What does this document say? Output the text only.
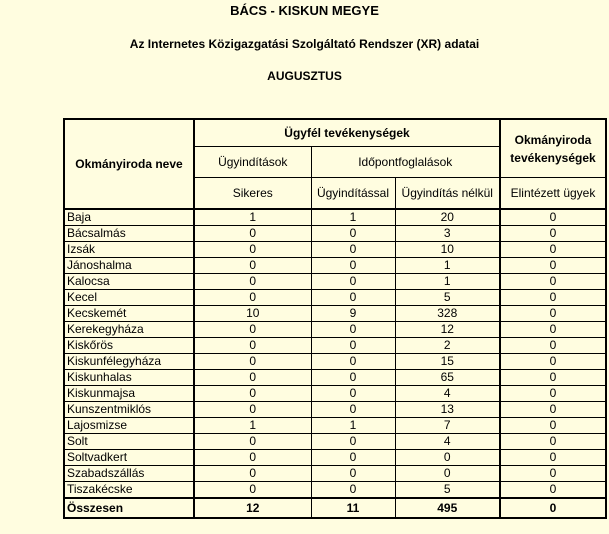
BÁCS - KISKUN MEGYE
Az Internetes Közigazgatási Szolgáltató Rendszer (XR) adatai
AUGUSZTUS
Okmányiroda neve	Ügyfél tevékenységek			Okmányiroda tevékenységek
	Ügyindítások	Időpontfoglalások		
	Sikeres	Ügyindítással	Ügyindítás nélkül	Elintézett ügyek
Baja	1	1	20	0
Bácsalmás	0	0	3	0
Izsák	0	0	10	0
Jánoshalma	0	0	1	0
Kalocsa	0	0	1	0
Kecel	0	0	5	0
Kecskemét	10	9	328	0
Kerekegyháza	0	0	12	0
Kiskőrös	0	0	2	0
Kiskunfélegyháza	0	0	15	0
Kiskunhalas	0	0	65	0
Kiskunmajsa	0	0	4	0
Kunszentmiklós	0	0	13	0
Lajosmizse	1	1	7	0
Solt	0	0	4	0
Soltvadkert	0	0	0	0
Szabadszállás	0	0	0	0
Tiszakécske	0	0	5	0
Összesen	12	11	495	0
